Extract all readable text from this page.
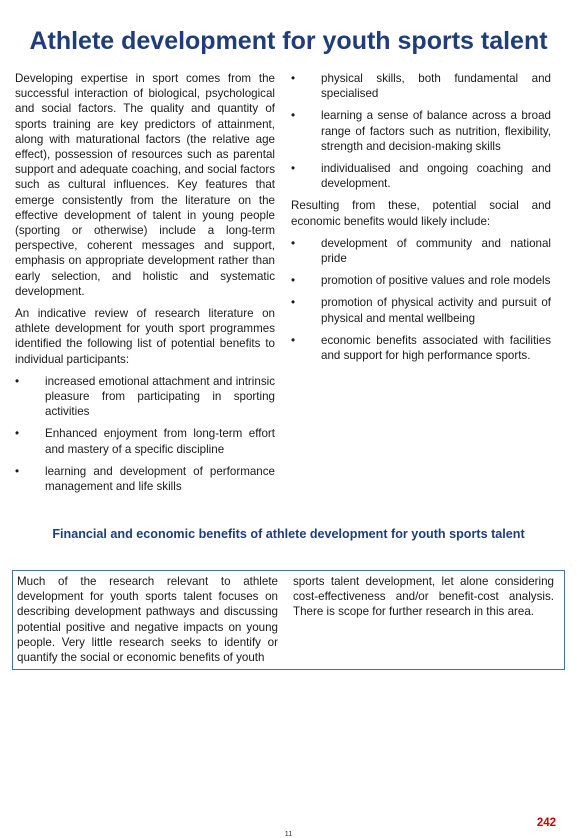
Athlete development for youth sports talent

Developing expertise in sport comes from the successful interaction of biological, psychological and social factors. The quality and quantity of sports training are key predictors of attainment, along with maturational factors (the relative age effect), possession of resources such as parental support and adequate coaching, and social factors such as cultural influences. Key features that emerge consistently from the literature on the effective development of talent in young people (sporting or otherwise) include a long-term perspective, coherent messages and support, emphasis on appropriate development rather than early selection, and holistic and systematic development.

An indicative review of research literature on athlete development for youth sport programmes identified the following list of potential benefits to individual participants:

•	increased emotional attachment and intrinsic pleasure from participating in sporting activities
•	Enhanced enjoyment from long-term effort and mastery of a specific discipline
•	learning and development of performance management and life skills
•	physical skills, both fundamental and specialised
•	learning a sense of balance across a broad range of factors such as nutrition, flexibility, strength and decision-making skills
•	individualised and ongoing coaching and development.

Resulting from these, potential social and economic benefits would likely include:

•	development of community and national pride
•	promotion of positive values and role models
•	promotion of physical activity and pursuit of physical and mental wellbeing
•	economic benefits associated with facilities and support for high performance sports.
Financial and economic benefits of athlete development for youth sports talent
Much of the research relevant to athlete development for youth sports talent focuses on describing development pathways and discussing potential positive and negative impacts on young people. Very little research seeks to identify or quantify the social or economic benefits of youth
sports talent development, let alone considering cost-effectiveness and/or benefit-cost analysis. There is scope for further research in this area.
242
11
